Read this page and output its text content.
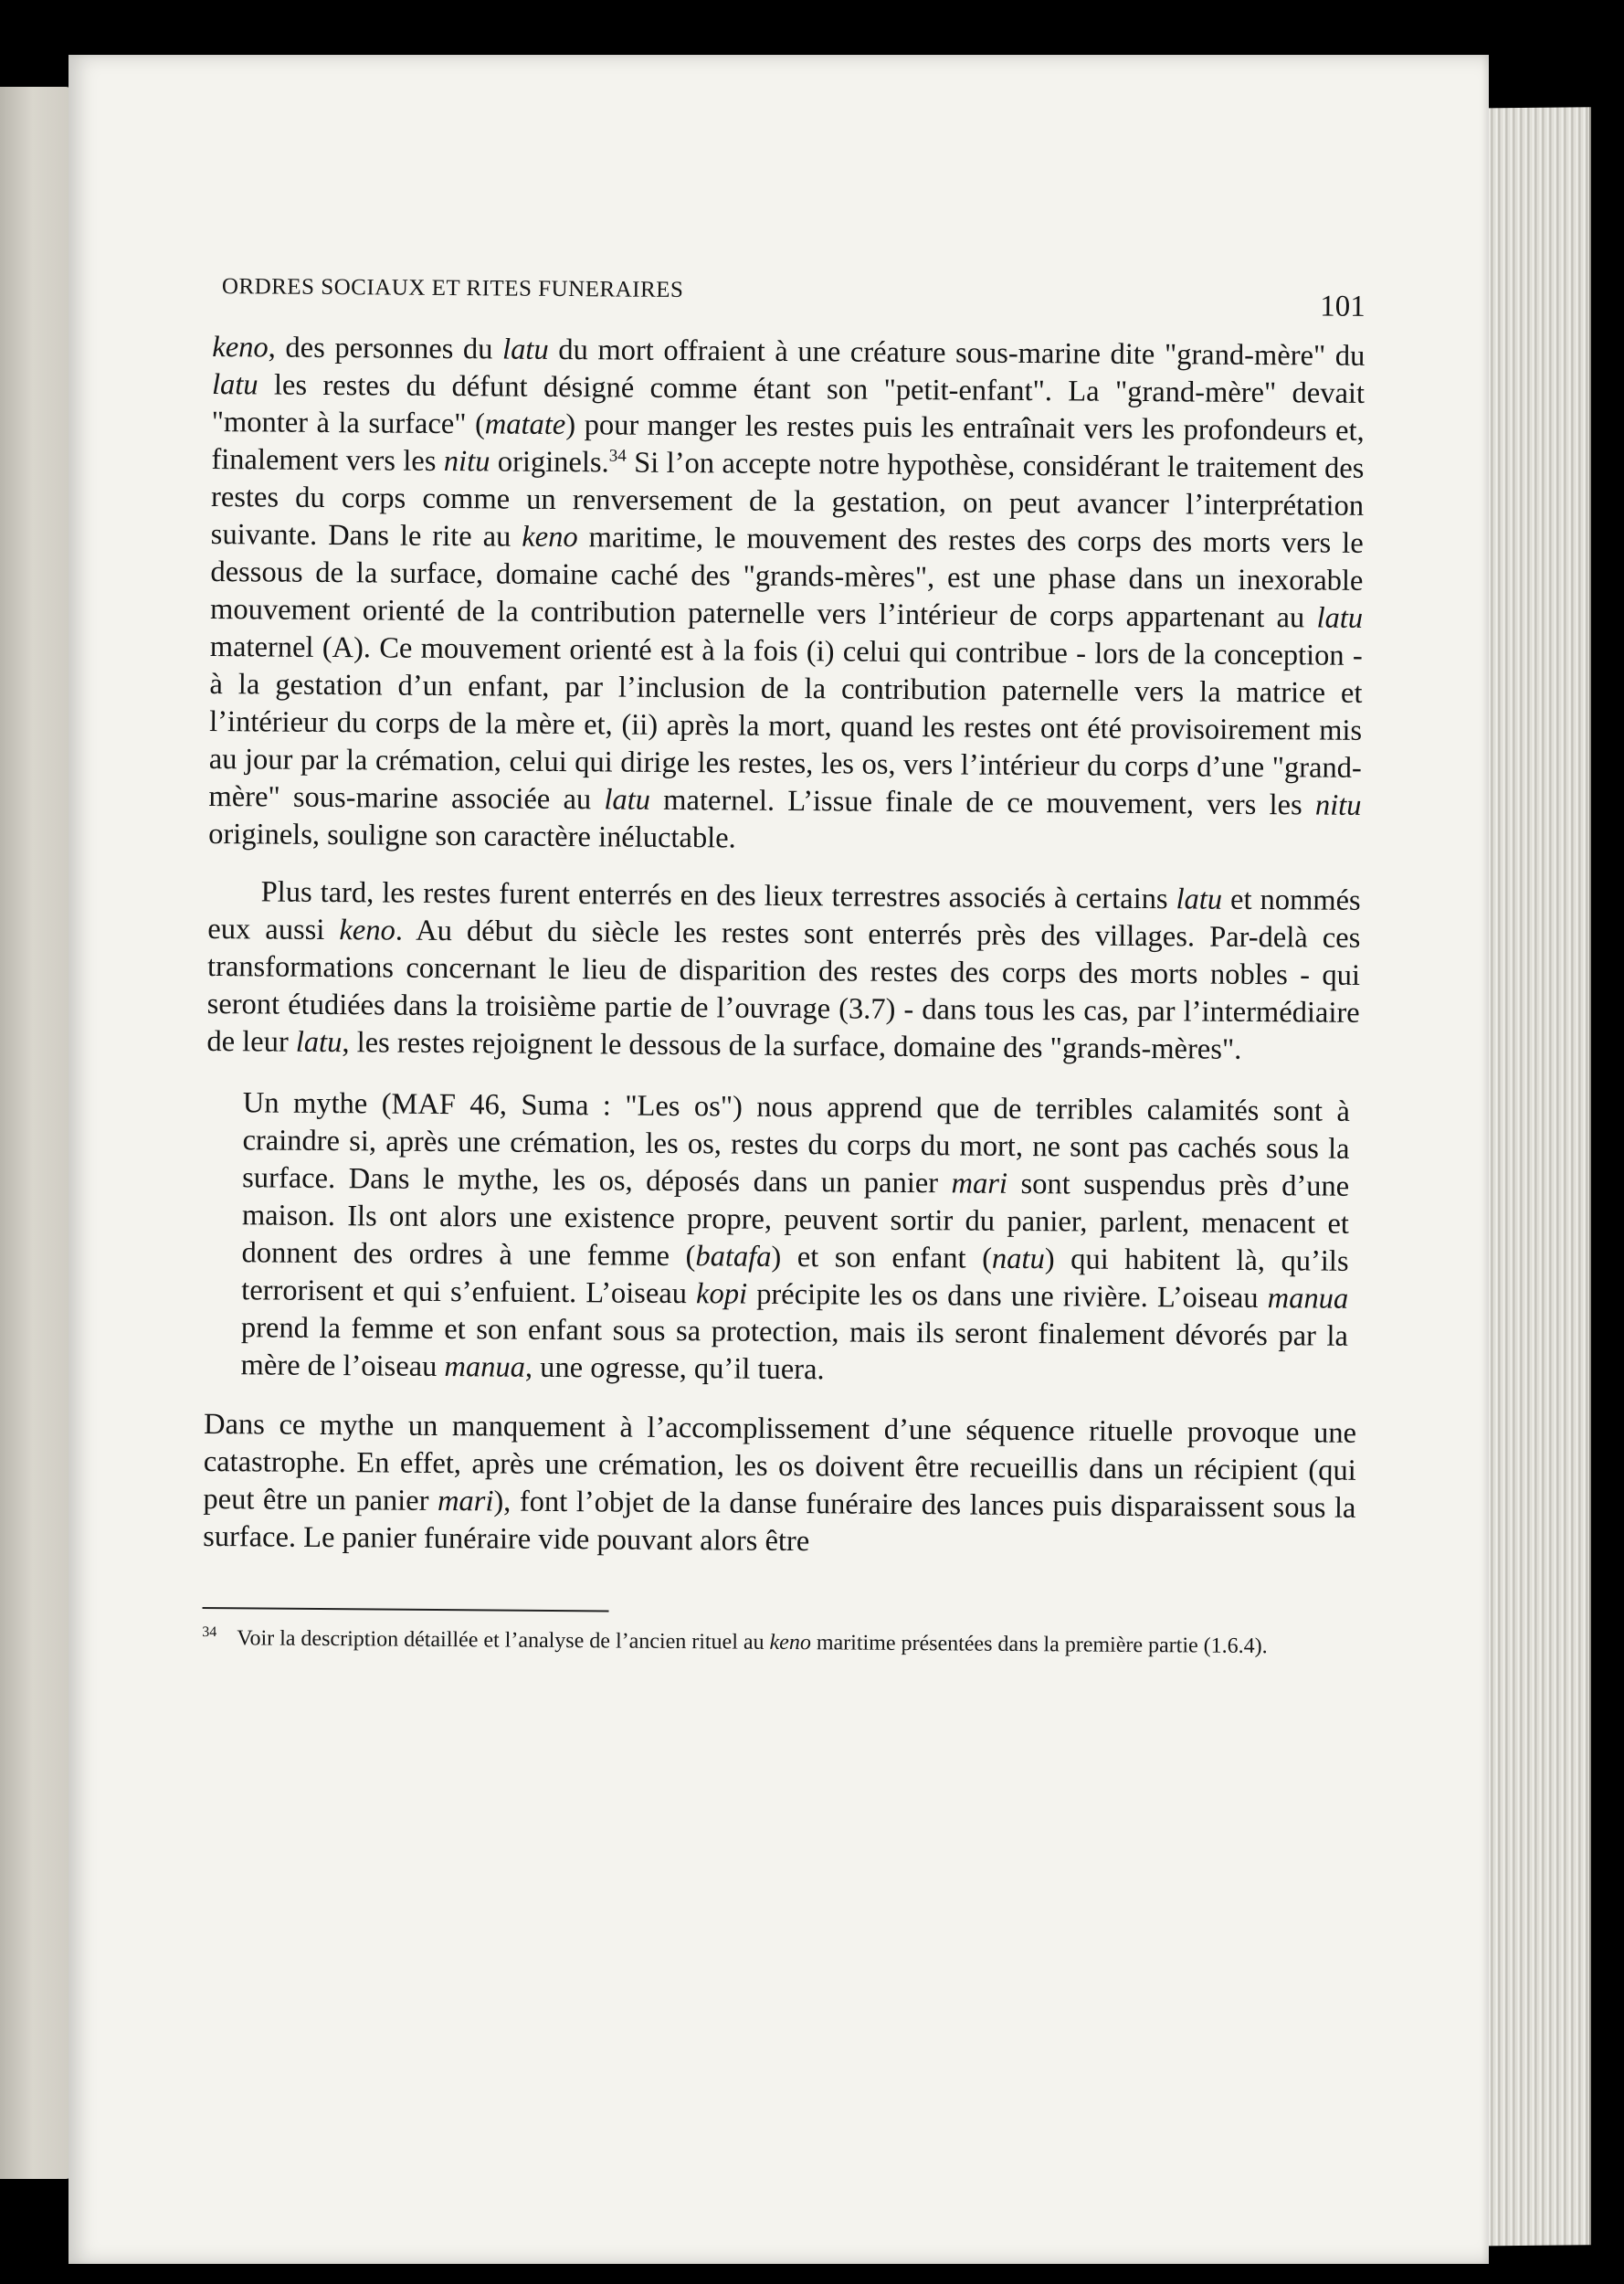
ORDRES SOCIAUX ET RITES FUNERAIRES
101

keno, des personnes du latu du mort offraient à une créature sous-marine dite "grand-mère" du latu les restes du défunt désigné comme étant son "petit-enfant". La "grand-mère" devait "monter à la surface" (matate) pour manger les restes puis les entraînait vers les profondeurs et, finalement vers les nitu originels.$^{34}$ Si l’on accepte notre hypothèse, considérant le traitement des restes du corps comme un renversement de la gestation, on peut avancer l’interprétation suivante. Dans le rite au keno maritime, le mouvement des restes des corps des morts vers le dessous de la surface, domaine caché des "grands-mères", est une phase dans un inexorable mouvement orienté de la contribution paternelle vers l’intérieur de corps appartenant au latu maternel (A). Ce mouvement orienté est à la fois (i) celui qui contribue - lors de la conception - à la gestation d’un enfant, par l’inclusion de la contribution paternelle vers la matrice et l’intérieur du corps de la mère et, (ii) après la mort, quand les restes ont été provisoirement mis au jour par la crémation, celui qui dirige les restes, les os, vers l’intérieur du corps d’une "grand-mère" sous-marine associée au latu maternel. L’issue finale de ce mouvement, vers les nitu originels, souligne son caractère inéluctable.

Plus tard, les restes furent enterrés en des lieux terrestres associés à certains latu et nommés eux aussi keno. Au début du siècle les restes sont enterrés près des villages. Par-delà ces transformations concernant le lieu de disparition des restes des corps des morts nobles - qui seront étudiées dans la troisième partie de l’ouvrage (3.7) - dans tous les cas, par l’intermédiaire de leur latu, les restes rejoignent le dessous de la surface, domaine des "grands-mères".

Un mythe (MAF 46, Suma : "Les os") nous apprend que de terribles calamités sont à craindre si, après une crémation, les os, restes du corps du mort, ne sont pas cachés sous la surface. Dans le mythe, les os, déposés dans un panier mari sont suspendus près d’une maison. Ils ont alors une existence propre, peuvent sortir du panier, parlent, menacent et donnent des ordres à une femme (batafa) et son enfant (natu) qui habitent là, qu’ils terrorisent et qui s’enfuient. L’oiseau kopi précipite les os dans une rivière. L’oiseau manua prend la femme et son enfant sous sa protection, mais ils seront finalement dévorés par la mère de l’oiseau manua, une ogresse, qu’il tuera.

Dans ce mythe un manquement à l’accomplissement d’une séquence rituelle provoque une catastrophe. En effet, après une crémation, les os doivent être recueillis dans un récipient (qui peut être un panier mari), font l’objet de la danse funéraire des lances puis disparaissent sous la surface. Le panier funéraire vide pouvant alors être

34 Voir la description détaillée et l’analyse de l’ancien rituel au keno maritime présentées dans la première partie (1.6.4).
